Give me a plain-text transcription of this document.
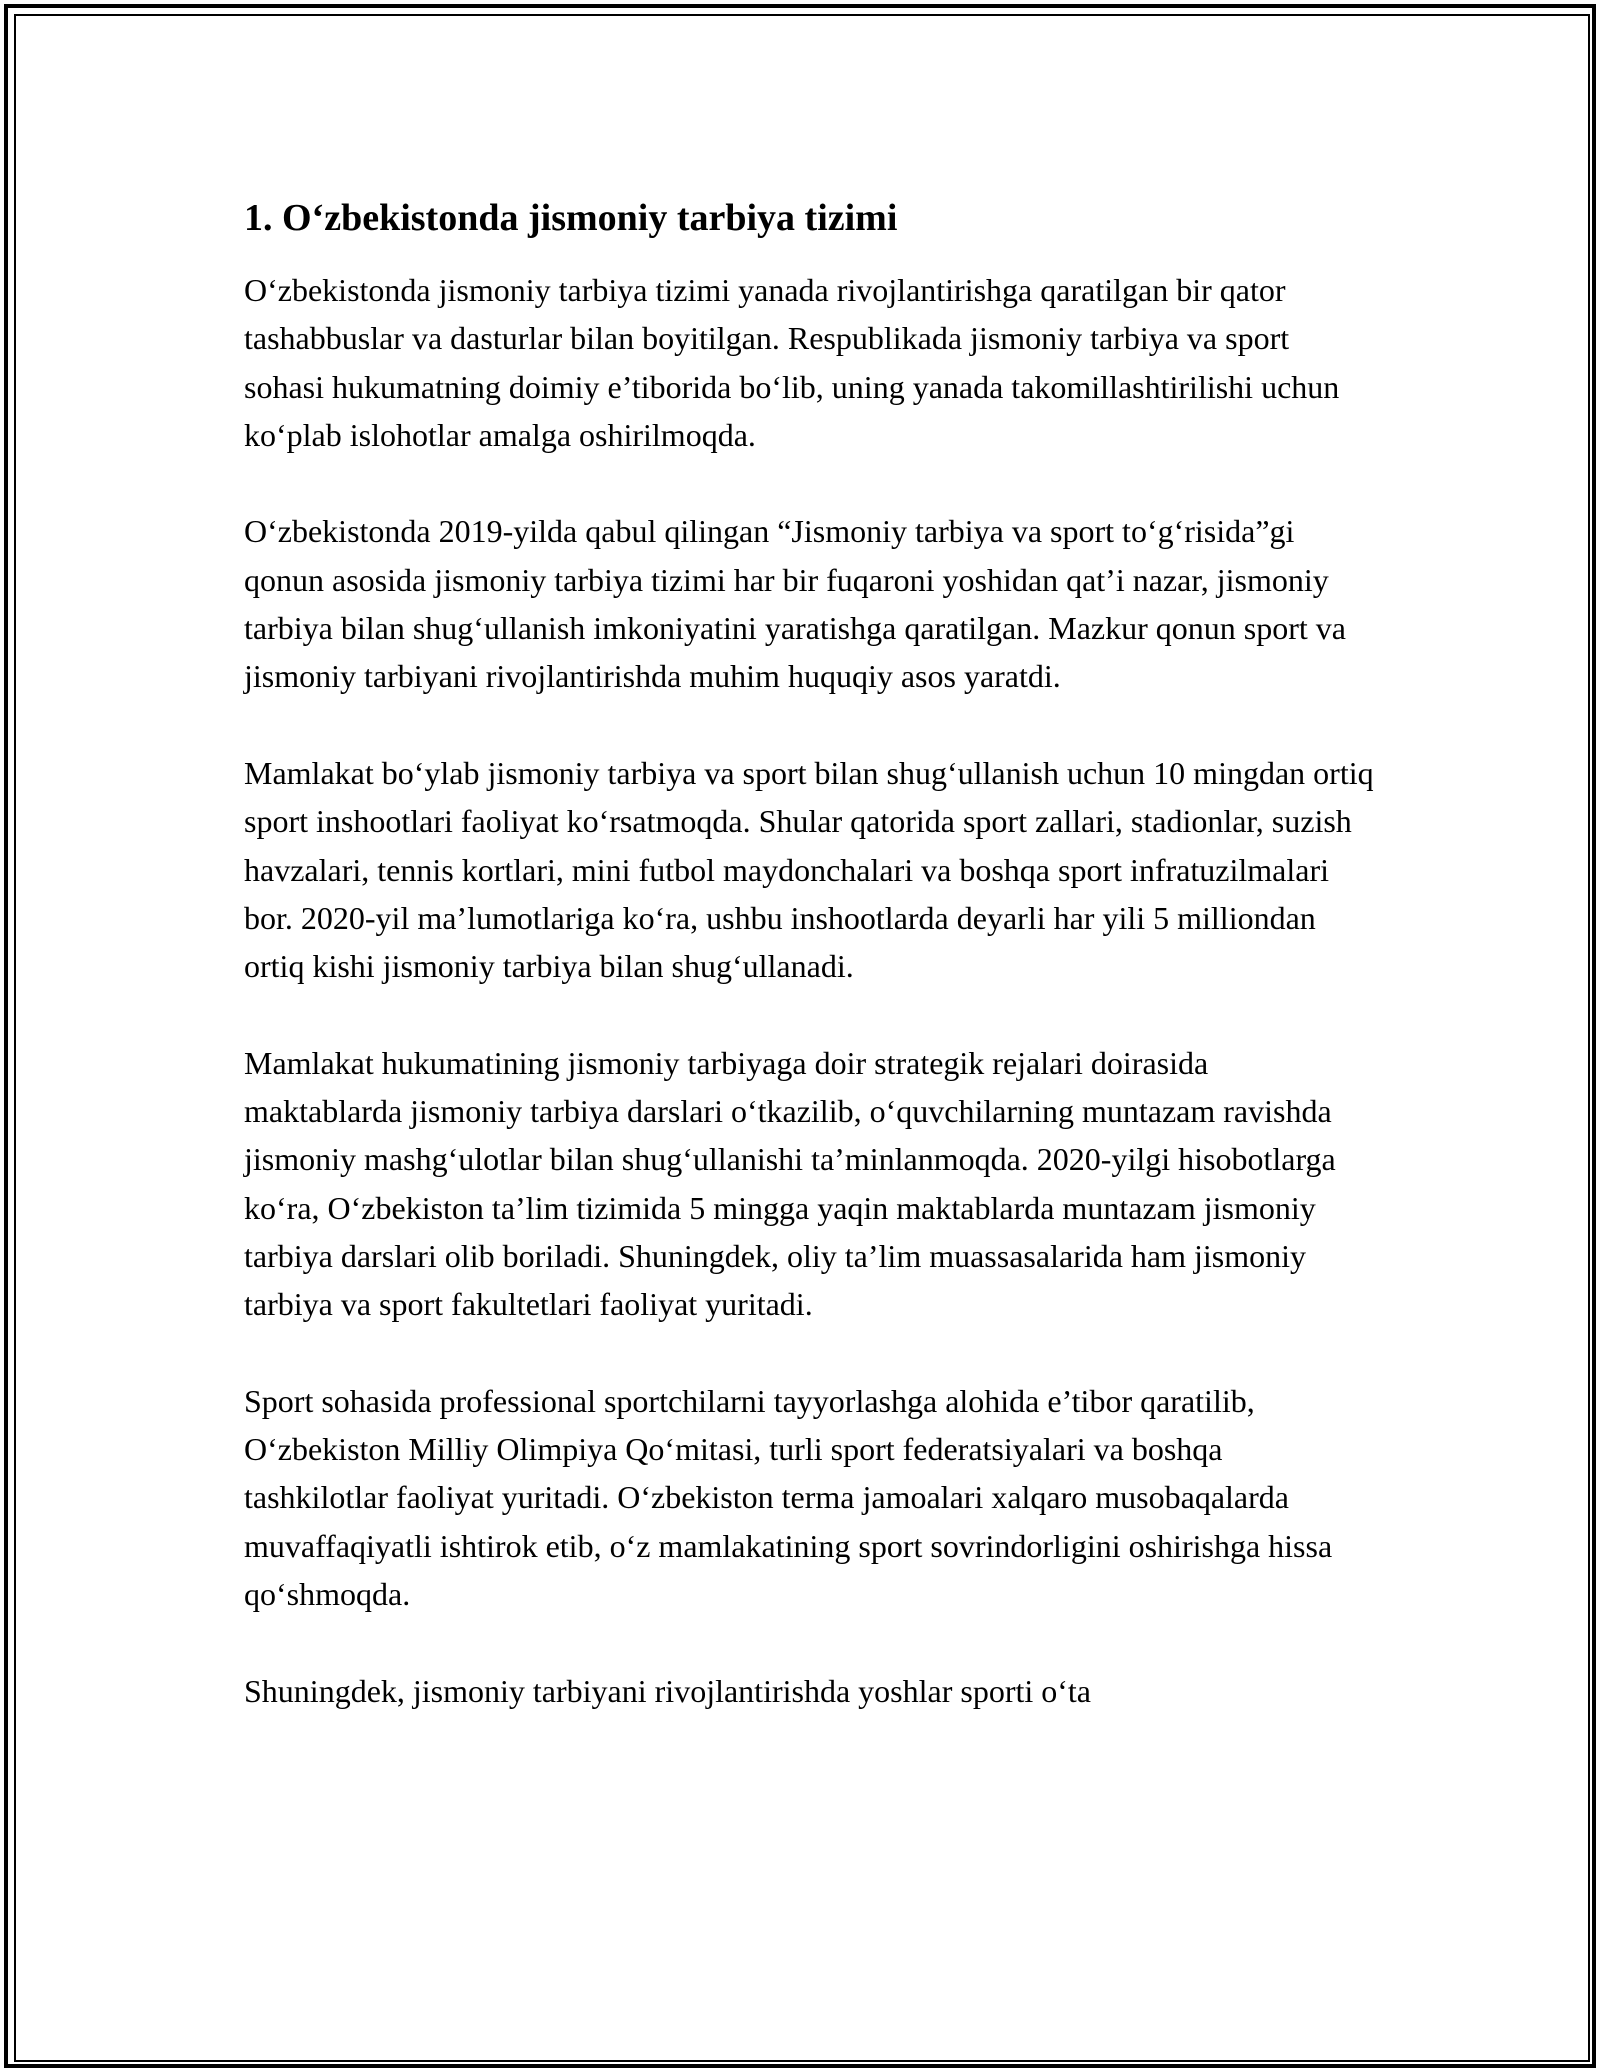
1. Oʻzbekistonda jismoniy tarbiya tizimi

Oʻzbekistonda jismoniy tarbiya tizimi yanada rivojlantirishga qaratilgan bir qator tashabbuslar va dasturlar bilan boyitilgan. Respublikada jismoniy tarbiya va sport sohasi hukumatning doimiy e’tiborida boʻlib, uning yanada takomillashtirilishi uchun koʻplab islohotlar amalga oshirilmoqda.

Oʻzbekistonda 2019-yilda qabul qilingan “Jismoniy tarbiya va sport toʻgʻrisida”gi qonun asosida jismoniy tarbiya tizimi har bir fuqaroni yoshidan qat’i nazar, jismoniy tarbiya bilan shugʻullanish imkoniyatini yaratishga qaratilgan. Mazkur qonun sport va jismoniy tarbiyani rivojlantirishda muhim huquqiy asos yaratdi.

Mamlakat boʻylab jismoniy tarbiya va sport bilan shugʻullanish uchun 10 mingdan ortiq sport inshootlari faoliyat koʻrsatmoqda. Shular qatorida sport zallari, stadionlar, suzish havzalari, tennis kortlari, mini futbol maydonchalari va boshqa sport infratuzilmalari bor. 2020-yil ma’lumotlariga koʻra, ushbu inshootlarda deyarli har yili 5 milliondan ortiq kishi jismoniy tarbiya bilan shugʻullanadi.

Mamlakat hukumatining jismoniy tarbiyaga doir strategik rejalari doirasida maktablarda jismoniy tarbiya darslari oʻtkazilib, oʻquvchilarning muntazam ravishda jismoniy mashgʻulotlar bilan shugʻullanishi ta’minlanmoqda. 2020-yilgi hisobotlarga koʻra, Oʻzbekiston ta’lim tizimida 5 mingga yaqin maktablarda muntazam jismoniy tarbiya darslari olib boriladi. Shuningdek, oliy ta’lim muassasalarida ham jismoniy tarbiya va sport fakultetlari faoliyat yuritadi.

Sport sohasida professional sportchilarni tayyorlashga alohida e’tibor qaratilib, Oʻzbekiston Milliy Olimpiya Qoʻmitasi, turli sport federatsiyalari va boshqa tashkilotlar faoliyat yuritadi. Oʻzbekiston terma jamoalari xalqaro musobaqalarda muvaffaqiyatli ishtirok etib, oʻz mamlakatining sport sovrindorligini oshirishga hissa qoʻshmoqda.

Shuningdek, jismoniy tarbiyani rivojlantirishda yoshlar sporti oʻta
